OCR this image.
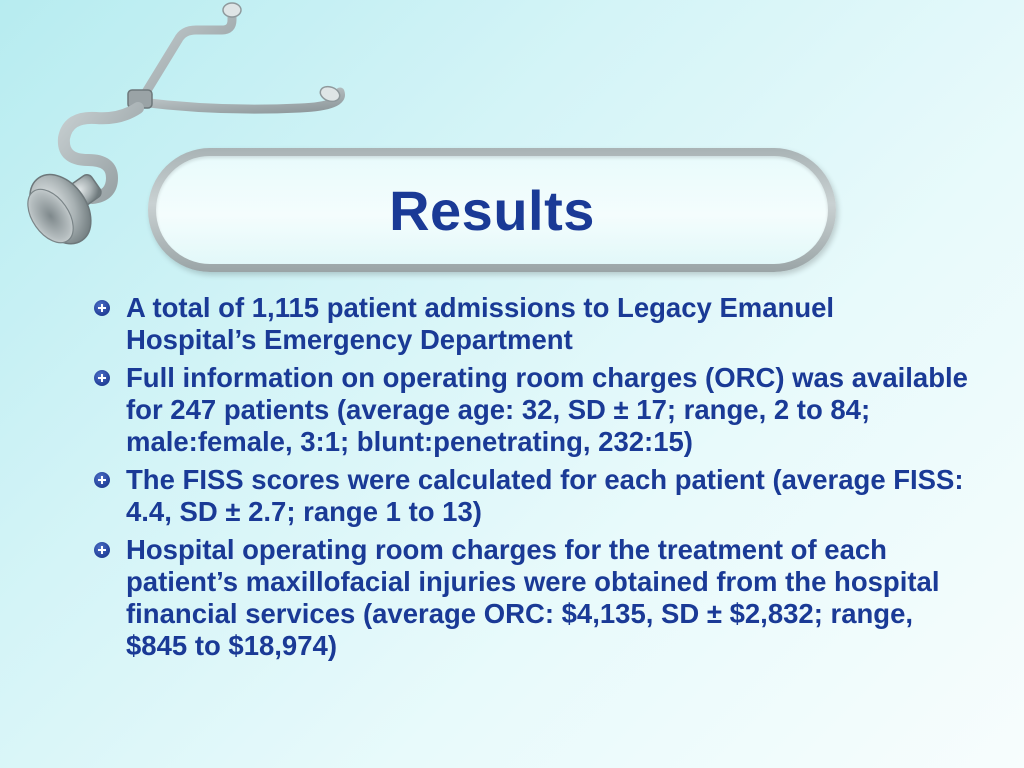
Results
A total of 1,115 patient admissions to Legacy Emanuel Hospital’s Emergency Department
Full information on operating room charges (ORC) was available for 247 patients (average age: 32, SD ± 17; range, 2 to 84; male:female, 3:1; blunt:penetrating, 232:15)
The FISS scores were calculated for each patient (average FISS: 4.4, SD ± 2.7; range 1 to 13)
Hospital operating room charges for the treatment of each patient’s maxillofacial injuries were obtained from the hospital financial services (average ORC: $4,135, SD ± $2,832; range, $845 to $18,974)
